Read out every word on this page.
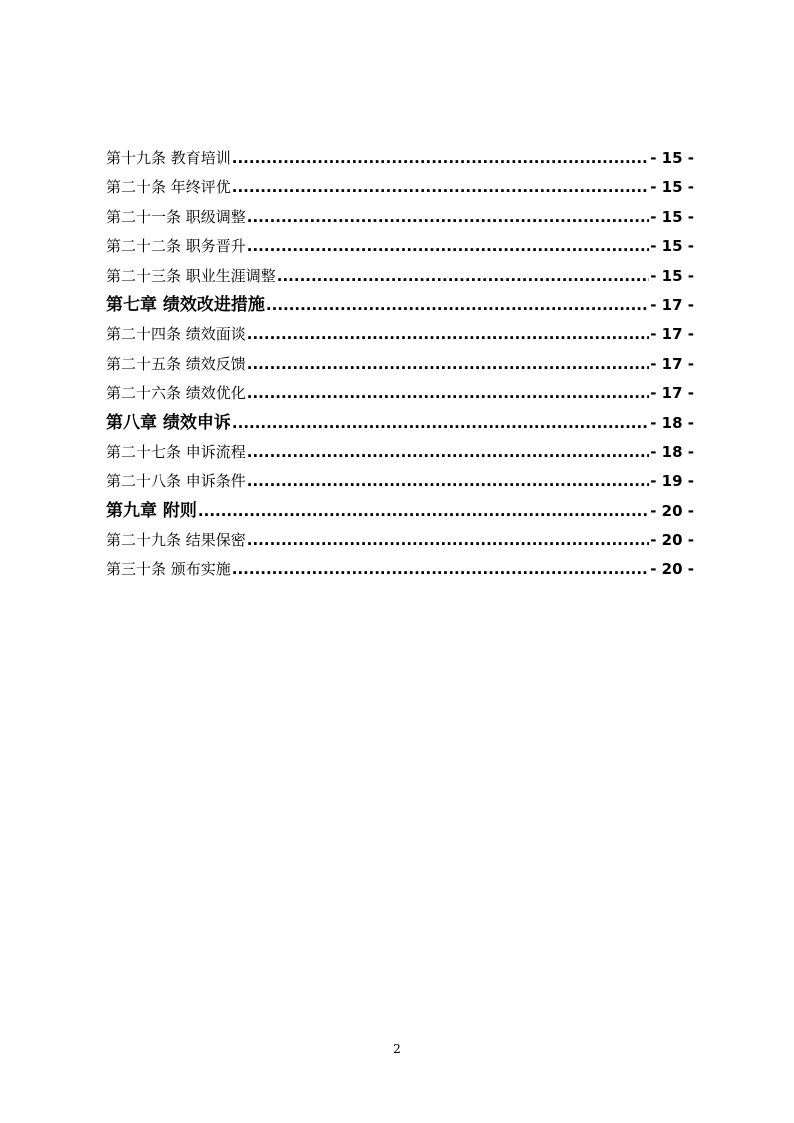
第十九条 教育培训 .....	- 15 -
第二十条 年终评优 .....	- 15 -
第二十一条 职级调整 .....	- 15 -
第二十二条 职务晋升 .....	- 15 -
第二十三条 职业生涯调整 .....	- 15 -
第七章 绩效改进措施 .....	- 17 -
第二十四条 绩效面谈 .....	- 17 -
第二十五条 绩效反馈 .....	- 17 -
第二十六条 绩效优化 .....	- 17 -
第八章 绩效申诉 .....	- 18 -
第二十七条 申诉流程 .....	- 18 -
第二十八条 申诉条件 .....	- 19 -
第九章 附则 .....	- 20 -
第二十九条 结果保密 .....	- 20 -
第三十条 颁布实施 .....	- 20 -
2
